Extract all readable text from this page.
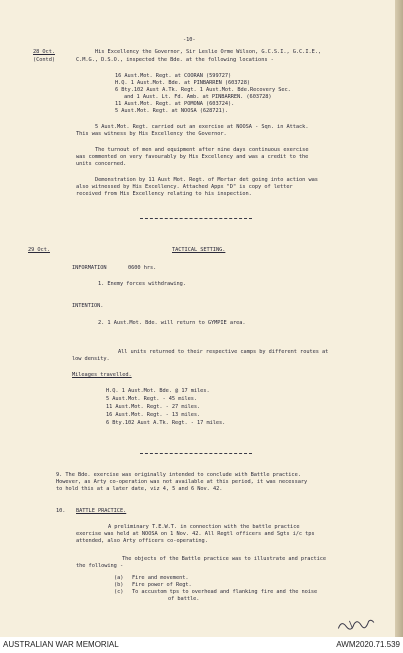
-10-
28 Oct.
(Contd)
His Excellency the Governor, Sir Leslie Orme Wilson, G.C.S.I., G.C.I.E.,
C.M.G., D.S.O., inspected the Bde. at the following locations -
16 Aust.Mot. Regt. at COORAN (599727)
H.Q. 1 Aust.Mot. Bde. at PINBARREN (603728)
6 Bty.102 Aust A.Tk. Regt. 1 Aust.Mot. Bde.Recovery Sec.
and 1 Aust. Lt. Fd. Amb. at PINBARREN. (603728)
11 Aust.Mot. Regt. at POMONA (603724).
5 Aust.Mot. Regt. at NOOSA (628721).
5 Aust.Mot. Regt. carried out an exercise at NOOSA - Sqn. in Attack.
This was witness by His Excellency the Governor.
The turnout of men and equipment after nine days continuous exercise
was commented on very favourably by His Excellency and was a credit to the
units concerned.
Demonstration by 11 Aust Mot. Regt. of Mortar det going into action was
also witnessed by His Excellency. Attached Appx "D" is copy of letter
received from His Excellency relating to his inspection.
29 Oct.	TACTICAL SETTING.
INFORMATION	0600 hrs.
1. Enemy forces withdrawing.
INTENTION.
2. 1 Aust.Mot. Bde. will return to GYMPIE area.
All units returned to their respective camps by different routes at
low density.
Mileages travelled.
H.Q. 1 Aust.Mot. Bde. @ 17 miles.
5 Aust.Mot. Regt. - 45 miles.
11 Aust.Mot. Regt. - 27 miles.
16 Aust.Mot. Regt. - 13 miles.
6 Bty.102 Aust A.Tk. Regt. - 17 miles.
9. The Bde. exercise was originally intended to conclude with Battle practice.
However, as Arty co-operation was not available at this period, it was necessary
to hold this at a later date, viz 4, 5 and 6 Nov. 42.
10. BATTLE PRACTICE.
A preliminary T.E.W.T. in connection with the battle practice
exercise was held at NOOSA on 1 Nov. 42. All Regtl officers and Sgts i/c tps
attended, also Arty officers co-operating.
The objects of the Battle practice was to illustrate and practice
the following -
(a) Fire and movement.
(b) Fire power of Regt.
(c) To accustom tps to overhead and flanking fire and the noise
of battle.
AUSTRALIAN WAR MEMORIAL	AWM2020.71.539
